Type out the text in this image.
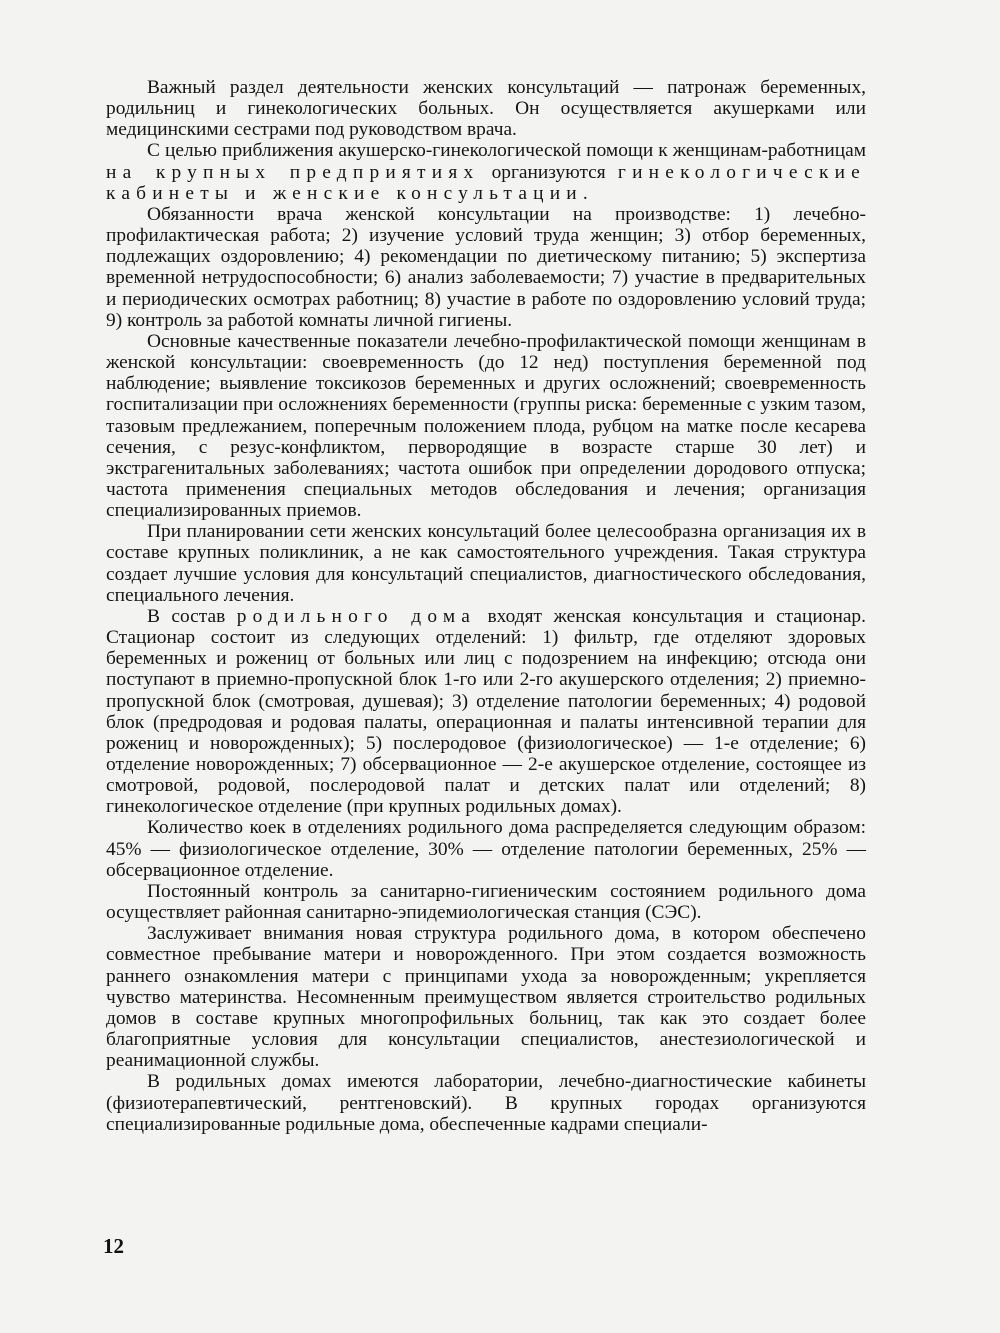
Важный раздел деятельности женских консультаций — патронаж беременных, родильниц и гинекологических больных. Он осуществляется акушерками или медицинскими сестрами под руководством врача.

С целью приближения акушерско-гинекологической помощи к женщинам-работницам на крупных предприятиях организуются гинекологические кабинеты и женские консультации.

Обязанности врача женской консультации на производстве: 1) лечебно-профилактическая работа; 2) изучение условий труда женщин; 3) отбор беременных, подлежащих оздоровлению; 4) рекомендации по диетическому питанию; 5) экспертиза временной нетрудоспособности; 6) анализ заболеваемости; 7) участие в предварительных и периодических осмотрах работниц; 8) участие в работе по оздоровлению условий труда; 9) контроль за работой комнаты личной гигиены.

Основные качественные показатели лечебно-профилактической помощи женщинам в женской консультации: своевременность (до 12 нед) поступления беременной под наблюдение; выявление токсикозов беременных и других осложнений; своевременность госпитализации при осложнениях беременности (группы риска: беременные с узким тазом, тазовым предлежанием, поперечным положением плода, рубцом на матке после кесарева сечения, с резус-конфликтом, первородящие в возрасте старше 30 лет) и экстрагенитальных заболеваниях; частота ошибок при определении дородового отпуска; частота применения специальных методов обследования и лечения; организация специализированных приемов.

При планировании сети женских консультаций более целесообразна организация их в составе крупных поликлиник, а не как самостоятельного учреждения. Такая структура создает лучшие условия для консультаций специалистов, диагностического обследования, специального лечения.

В состав родильного дома входят женская консультация и стационар. Стационар состоит из следующих отделений: 1) фильтр, где отделяют здоровых беременных и рожениц от больных или лиц с подозрением на инфекцию; отсюда они поступают в приемно-пропускной блок 1-го или 2-го акушерского отделения; 2) приемно-пропускной блок (смотровая, душевая); 3) отделение патологии беременных; 4) родовой блок (предродовая и родовая палаты, операционная и палаты интенсивной терапии для рожениц и новорожденных); 5) послеродовое (физиологическое) — 1-е отделение; 6) отделение новорожденных; 7) обсервационное — 2-е акушерское отделение, состоящее из смотровой, родовой, послеродовой палат и детских палат или отделений; 8) гинекологическое отделение (при крупных родильных домах).

Количество коек в отделениях родильного дома распределяется следующим образом: 45% — физиологическое отделение, 30% — отделение патологии беременных, 25% — обсервационное отделение.

Постоянный контроль за санитарно-гигиеническим состоянием родильного дома осуществляет районная санитарно-эпидемиологическая станция (СЭС).

Заслуживает внимания новая структура родильного дома, в котором обеспечено совместное пребывание матери и новорожденного. При этом создается возможность раннего ознакомления матери с принципами ухода за новорожденным; укрепляется чувство материнства. Несомненным преимуществом является строительство родильных домов в составе крупных многопрофильных больниц, так как это создает более благоприятные условия для консультации специалистов, анестезиологической и реанимационной службы.

В родильных домах имеются лаборатории, лечебно-диагностические кабинеты (физиотерапевтический, рентгеновский). В крупных городах организуются специализированные родильные дома, обеспеченные кадрами специали-

12
